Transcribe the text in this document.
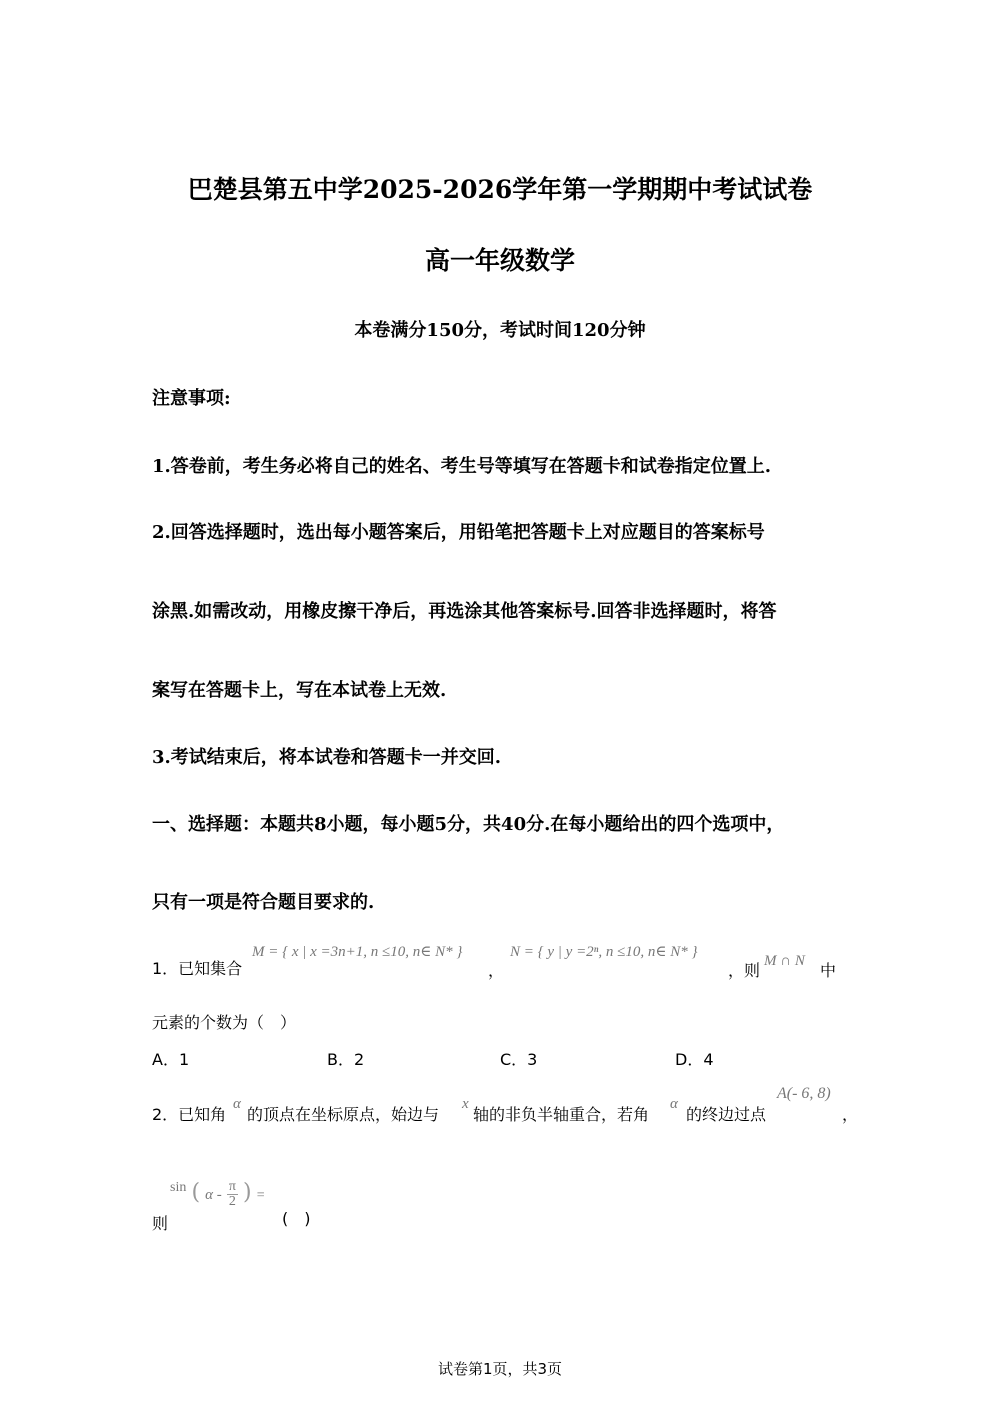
巴楚县第五中学2025-2026学年第一学期期中考试试卷
高一年级数学
本卷满分150分，考试时间120分钟
注意事项:
1.答卷前，考生务必将自己的姓名、考生号等填写在答题卡和试卷指定位置上.
2.回答选择题时，选出每小题答案后，用铅笔把答题卡上对应题目的答案标号
涂黑.如需改动，用橡皮擦干净后，再选涂其他答案标号.回答非选择题时，将答
案写在答题卡上，写在本试卷上无效.
3.考试结束后，将本试卷和答题卡一并交回.
一、选择题：本题共8小题，每小题5分，共40分.在每小题给出的四个选项中，
只有一项是符合题目要求的.
1．已知集合
M = { x | x =3n+1, n ≤10, n∈ N* }
，
N = { y | y =2ⁿ, n ≤10, n∈ N* }
，则 M ∩ N 中
元素的个数为（　）
A．1	B．2	C．3	D．4
2．已知角
α
的顶点在坐标原点，始边与
x
轴的非负半轴重合，若角
α
的终边过点
A(- 6, 8)
，
则
sin ( α - $\frac{\pi}{2}$ ) =
(　)
试卷第1页，共3页
